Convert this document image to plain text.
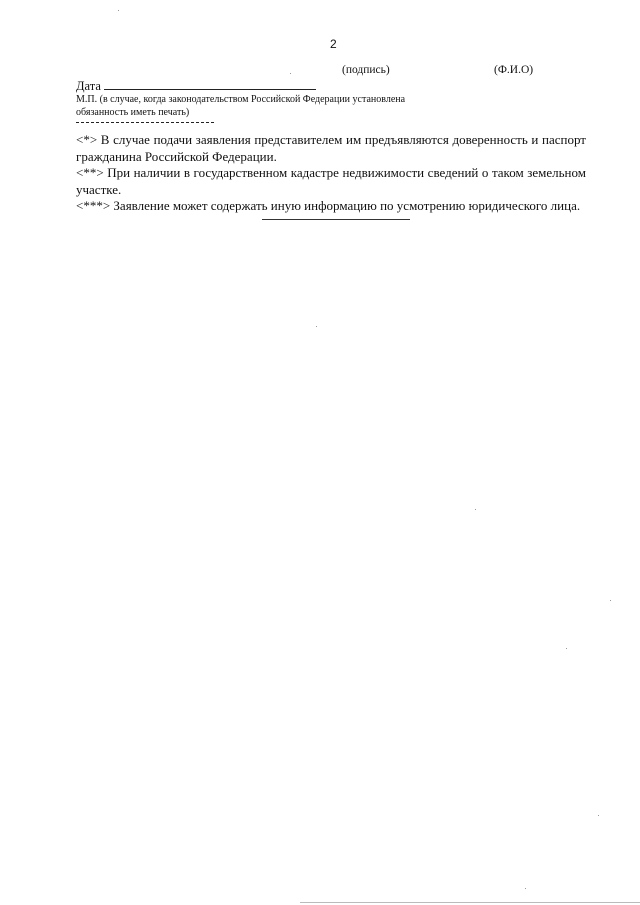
2
(подпись)	(Ф.И.О)
Дата
М.П. (в случае, когда законодательством Российской Федерации установлена обязанность иметь печать)

<*> В случае подачи заявления представителем им предъявляются доверенность и паспорт гражданина Российской Федерации.

<**> При наличии в государственном кадастре недвижимости сведений о таком земельном участке.

<***> Заявление может содержать иную информацию по усмотрению юридического лица.
